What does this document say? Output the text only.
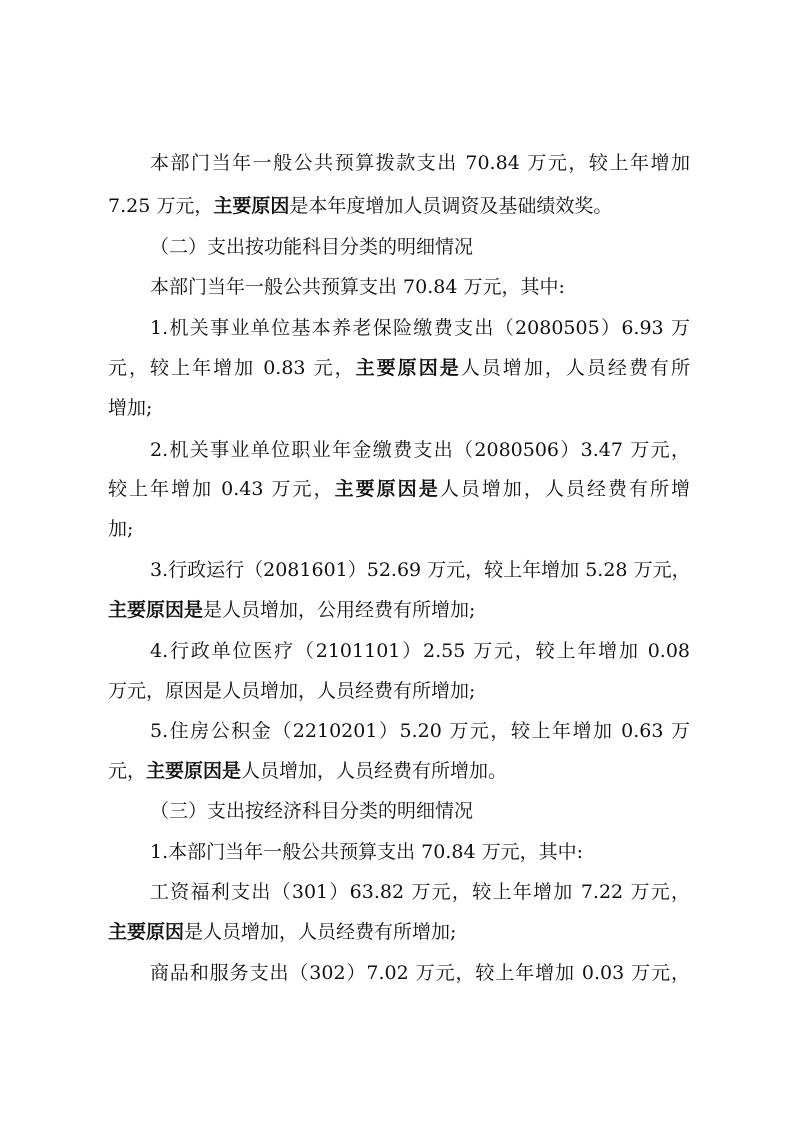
本部门当年一般公共预算拨款支出 70.84 万元，较上年增加
7.25 万元，主要原因是本年度增加人员调资及基础绩效奖。
（二）支出按功能科目分类的明细情况
本部门当年一般公共预算支出 70.84 万元，其中:
1.机关事业单位基本养老保险缴费支出（2080505）6.93 万
元，较上年增加 0.83 元，主要原因是人员增加，人员经费有所
增加;
2.机关事业单位职业年金缴费支出（2080506）3.47 万元，
较上年增加 0.43 万元，主要原因是人员增加，人员经费有所增
加;
3.行政运行（2081601）52.69 万元，较上年增加 5.28 万元，
主要原因是是人员增加，公用经费有所增加;
4.行政单位医疗（2101101）2.55 万元，较上年增加 0.08
万元，原因是人员增加，人员经费有所增加;
5.住房公积金（2210201）5.20 万元，较上年增加 0.63 万
元，主要原因是人员增加，人员经费有所增加。
（三）支出按经济科目分类的明细情况
1.本部门当年一般公共预算支出 70.84 万元，其中:
工资福利支出（301）63.82 万元，较上年增加 7.22 万元，
主要原因是人员增加，人员经费有所增加;
商品和服务支出（302）7.02 万元，较上年增加 0.03 万元，
